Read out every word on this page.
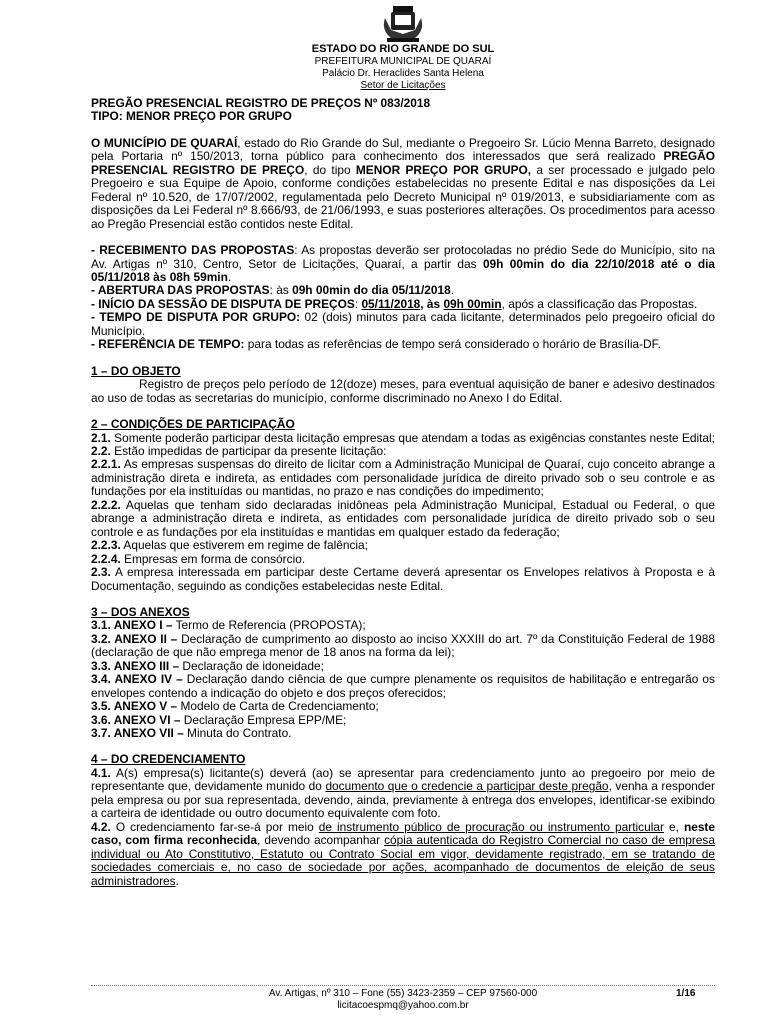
ESTADO DO RIO GRANDE DO SUL
PREFEITURA MUNICIPAL DE QUARAÍ
Palácio Dr. Heraclides Santa Helena
Setor de Licitações

PREGÃO PRESENCIAL REGISTRO DE PREÇOS Nº 083/2018

TIPO: MENOR PREÇO POR GRUPO

O MUNICÍPIO DE QUARAÍ, estado do Rio Grande do Sul, mediante o Pregoeiro Sr. Lúcio Menna Barreto, designado pela Portaria nº 150/2013, torna público para conhecimento dos interessados que será realizado PREGÃO PRESENCIAL REGISTRO DE PREÇO, do tipo MENOR PREÇO POR GRUPO, a ser processado e julgado pelo Pregoeiro e sua Equipe de Apoio, conforme condições estabelecidas no presente Edital e nas disposições da Lei Federal nº 10.520, de 17/07/2002, regulamentada pelo Decreto Municipal nº 019/2013, e subsidiariamente com as disposições da Lei Federal nº 8.666/93, de 21/06/1993, e suas posteriores alterações. Os procedimentos para acesso ao Pregão Presencial estão contidos neste Edital.

- RECEBIMENTO DAS PROPOSTAS: As propostas deverão ser protocoladas no prédio Sede do Município, sito na Av. Artigas nº 310, Centro, Setor de Licitações, Quaraí, a partir das 09h 00min do dia 22/10/2018 até o dia 05/11/2018 às 08h 59min.

- ABERTURA DAS PROPOSTAS: às 09h 00min do dia 05/11/2018.

- INÍCIO DA SESSÃO DE DISPUTA DE PREÇOS: 05/11/2018, às 09h 00min, após a classificação das Propostas.

- TEMPO DE DISPUTA POR GRUPO: 02 (dois) minutos para cada licitante, determinados pelo pregoeiro oficial do Município.

- REFERÊNCIA DE TEMPO: para todas as referências de tempo será considerado o horário de Brasília-DF.

1 – DO OBJETO

Registro de preços pelo período de 12(doze) meses, para eventual aquisição de baner e adesivo destinados ao uso de todas as secretarias do município, conforme discriminado no Anexo I do Edital.

2 – CONDIÇÕES DE PARTICIPAÇÃO

2.1. Somente poderão participar desta licitação empresas que atendam a todas as exigências constantes neste Edital;

2.2. Estão impedidas de participar da presente licitação:

2.2.1. As empresas suspensas do direito de licitar com a Administração Municipal de Quaraí, cujo conceito abrange a administração direta e indireta, as entidades com personalidade jurídica de direito privado sob o seu controle e as fundações por ela instituídas ou mantidas, no prazo e nas condições do impedimento;

2.2.2. Aquelas que tenham sido declaradas inidôneas pela Administração Municipal, Estadual ou Federal, o que abrange a administração direta e indireta, as entidades com personalidade jurídica de direito privado sob o seu controle e as fundações por ela instituídas e mantidas em qualquer estado da federação;

2.2.3. Aquelas que estiverem em regime de falência;

2.2.4. Empresas em forma de consórcio.

2.3. A empresa interessada em participar deste Certame deverá apresentar os Envelopes relativos à Proposta e à Documentação, seguindo as condições estabelecidas neste Edital.

3 – DOS ANEXOS

3.1. ANEXO I – Termo de Referencia (PROPOSTA);

3.2. ANEXO II – Declaração de cumprimento ao disposto ao inciso XXXIII do art. 7º da Constituição Federal de 1988 (declaração de que não emprega menor de 18 anos na forma da lei);

3.3. ANEXO III – Declaração de idoneidade;

3.4. ANEXO IV – Declaração dando ciência de que cumpre plenamente os requisitos de habilitação e entregarão os envelopes contendo a indicação do objeto e dos preços oferecidos;

3.5. ANEXO V – Modelo de Carta de Credenciamento;

3.6. ANEXO VI – Declaração Empresa EPP/ME;

3.7. ANEXO VII – Minuta do Contrato.

4 – DO CREDENCIAMENTO

4.1. A(s) empresa(s) licitante(s) deverá (ao) se apresentar para credenciamento junto ao pregoeiro por meio de representante que, devidamente munido do documento que o credencie a participar deste pregão, venha a responder pela empresa ou por sua representada, devendo, ainda, previamente à entrega dos envelopes, identificar-se exibindo a carteira de identidade ou outro documento equivalente com foto.

4.2. O credenciamento far-se-á por meio de instrumento público de procuração ou instrumento particular e, neste caso, com firma reconhecida, devendo acompanhar cópia autenticada do Registro Comercial no caso de empresa individual ou Ato Constitutivo, Estatuto ou Contrato Social em vigor, devidamente registrado, em se tratando de sociedades comerciais e, no caso de sociedade por ações, acompanhado de documentos de eleição de seus administradores.

Av. Artigas, nº 310 – Fone (55) 3423-2359 – CEP 97560-000
licitacoespmq@yahoo.com.br
1/16
